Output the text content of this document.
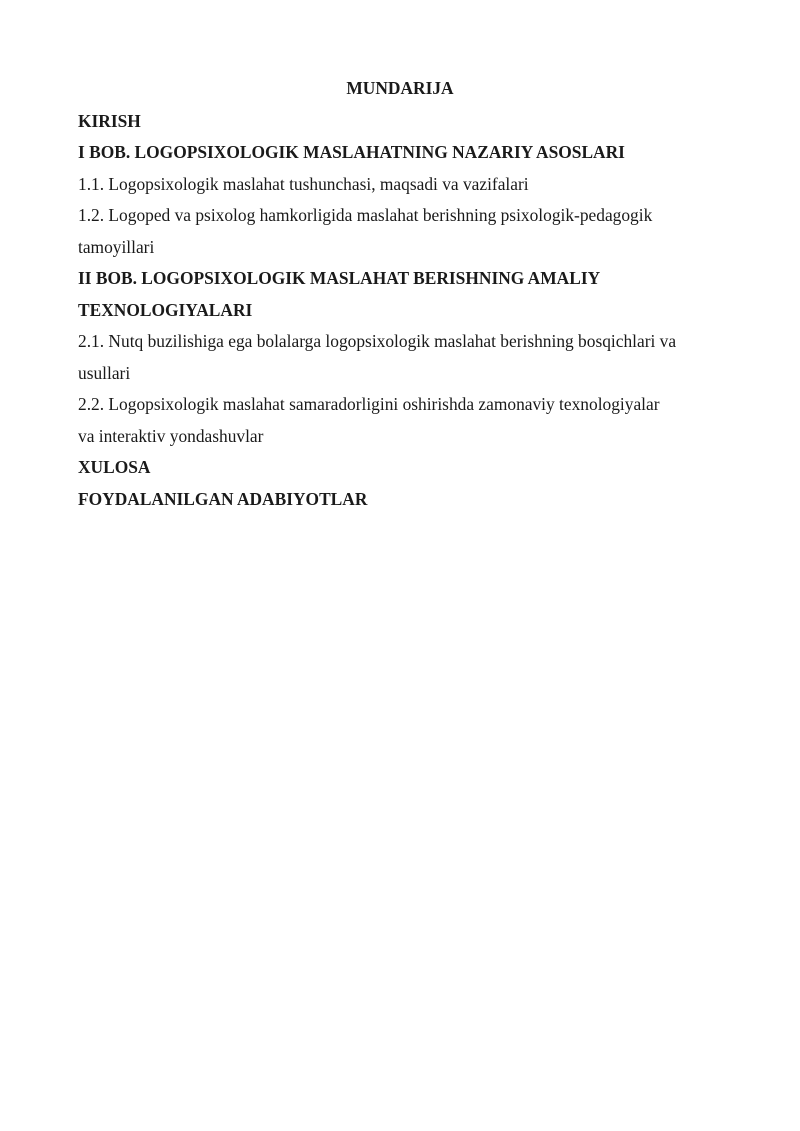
MUNDARIJA
KIRISH
I BOB. LOGOPSIXOLOGIK MASLAHATNING NAZARIY ASOSLARI
1.1. Logopsixologik maslahat tushunchasi, maqsadi va vazifalari
1.2. Logoped va psixolog hamkorligida maslahat berishning psixologik-pedagogik
tamoyillari
II BOB. LOGOPSIXOLOGIK MASLAHAT BERISHNING AMALIY
TEXNOLOGIYALARI
2.1. Nutq buzilishiga ega bolalarga logopsixologik maslahat berishning bosqichlari va
usullari
2.2. Logopsixologik maslahat samaradorligini oshirishda zamonaviy texnologiyalar
va interaktiv yondashuvlar
XULOSA
FOYDALANILGAN ADABIYOTLAR
